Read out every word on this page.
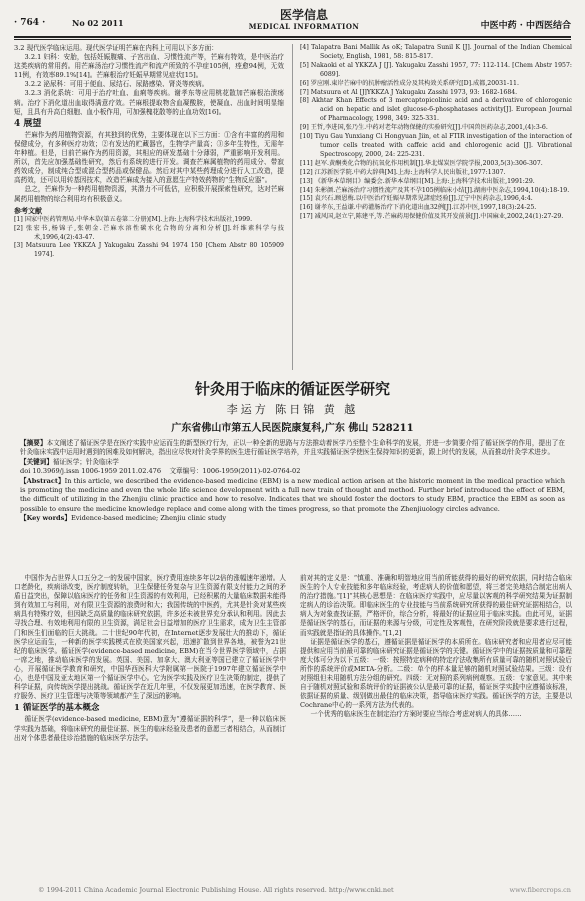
· 764 ·	No 02 2011
医学信息
MEDICAL INFORMATION	中医中药 · 中西医结合

3.2 现代医学临床运用。现代医学证明芒麻在内科上可用以下多方面：

3.2.1 妇科：安胎，包括妊娠腹痛、子宫出血、习惯性流产等，芒麻有特效，是中医治疗这类疾病的常用药。用芒麻汤治疗习惯性流产和流产所致的不孕症105例，痊愈94例，无效11例，有效率89.1%[14]。芒麻根治疗妊娠早期常见症状[15]。

3.2.2 泌尿科：可用于便血、尿结石、尿路感染、肾炎等疾病。

3.2.3 消化系统：可用于治疗吐血、血痢等疾病。谢孝东等应用桃花散加芒麻根治溃疡病。治疗下消化道出血取得满意疗效。芒麻根提取物含血凝酸胺，使凝血、出血时间明显缩短，且具有升高白细胞、血小板作用，可加强槐花散等的止血功效[16]。

4 展望

芒麻作为药用植物资源，有其独到的优势，主要体现在以下三方面：①含有丰富的药用和保健成分，有多种医疗功效；②有发达的贮藏器官，生物学产量高；③多年生特性，无需年年种植。但是，目前芒麻作为药用资源，其相应的研发基础十分薄弱，严重影响开发利用。所以，首先应加强基础性研究，然后有系统的进行开发。调查芒麻属植物的药用成分、带寂药效成分，制成纯合型或混合型药品或保健品。然后对其中某些药理成分进行人工改造，提高药效，还可以用转基因技术，改造芒麻成为接入的意愿生产特效药物的“生物反应器”。

总之，芒麻作为一种药用植物资源，其潜力不可低估，应积极开展探索性研究，达对芒麻属药用植物的综合利用均有积极意义。

参考文献

[1] 国家中医药管理局.中华本草(第五卷第二分册)[M].上海:上海科学技术出版社,1999.

[2] 张宏书,杨锦子,张朝金.芒麻水溶性碳水化合物的分离和分析[J].纤维素科学与技术,1996,4(2):43-47.

[3] Matsuura Lee YKKZA J Yakugaku Zasshi 94 1974 150 [Chem Abstr 80 105909 1974].

[4] Talapatra Bani Mallik As oK; Talapatra Sunil K [J]. Journal of the Indian Chemical Society, English, 1981, 58: 815-817.

[5] Nakaoki et al YKKZA J [J]. Yakugaku Zasshi 1957, 77: 112-114. [Chem Abstr 1957: 6089].

[6] 罗应刚.東岸芒麻中的抗肿瘤活性成分及其构效关系研究[D].成都,20031-11.

[7] Matsuura et Al [J]YKKZA J Yakugaku Zasshi 1973, 93: 1682-1684.

[8] Akhtar Khan Effects of 3 mercaptopicolinic acid and a derivative of chlorogenic acid on hepatic and islet glucose-6-phosphatases activity[J]. European Journal of Pharmacology, 1998, 349: 325-331.

[9] 王哲,李进国,张乃生.中药对老年动物保健的实验研究[J].中国兽医药杂志,2001,(4):3-6.

[10] Tiyu Gau Yunxiang Ci Hongyuan Jiin, et al FTIR investigation of the interaction of tumor cells treated with caffeic acid and chlorogenic acid [J]. Vibrational Spectroscopy, 2000, 24: 225-231.

[11] 赵军.黄酮类化合物的抗氧化作用机制[J].华北煤炭医学院学报,2003,5(3):306-307.

[12] 江苏新医学院.中药大辞典[M].上海:上海科学人民出版社,1977:1307.

[13] 《新华本草纲目》编委会.新华本草纲目[M].上海:上海科学技术出版社,1991:29.

[14] 朱彬颜.芒麻汤治疗习惯性流产及其不孕105例临床小结[J].湖南中医杂志,1994,10(4):18-19.

[15] 袁兴石.顾恩梅.以中医治疗妊娠早期常见諸症经验[J].辽宁中医药杂志,1996,4:4.

[16] 谢孝东,王益谦.中药灌肠治疗下消化道出血32例[J].江苏中医,1997,18(3):24-25.

[17] 减风国,赵立宁,陈建平,等.芒麻药用保健价值及其开发前景[J].中国麻业,2002,24(1):27-29.

针灸用于临床的循证医学研究
李运方 陈日锦 黄 越
广东省佛山市第五人民医院康复科,广东 佛山 528211

【摘要】本文阐述了循证医学是在医疗实践中应运而生的新型医疗行为，正以一种全新的思路与方法推动着医学乃至整个生命科学的发展，并进一步简要介绍了循证医学的作用，提出了在针灸临床实践中运用时遇到的困难及如何解决，指出应尽快对针灸学界的医生进行循证医学培养，并且实践循证医学使医生保持知识的更新，跟上时代的发展，从而推动针灸学术进步。

【关键词】循证医学；针灸临床学

doi 10.3969/j.issn 1006-1959 2011.02.476 文章编号：1006-1959(2011)-02-0764-02

【Abstract】In this article, we described the evidence-based medicine (EBM) is a new medical action arisen at the historic moment in the medical practice which is promoting the medicine and even the whole life science development with a full new train of thought and method. Further brief introduced the effect of EBM, the difficult of utilizing in the Zhenjiu clinic practice and how to resolve. Indicates that we should foster the doctors to study EBM, practice the EBM as soon as possible to ensure the medicine knowledge replace and come along with the times progress, so that promote the Zhenjiuology circles advance.

【Key words】Evidence-based medicine; Zhenjiu clinic study

中国作为占世界人口五分之一的发展中国家，医疗费用连续多年以2倍的涨幅速年递增。人口老龄化，疾病谱改变，医疗制度转轨，卫生保健任务复杂与卫生资源有限支付能力之间的矛盾日益突出，保障以临床医疗的任务和卫生资源的有效利用，已经积累的大量临床数据未能得到有效加工与利用，对有限卫生资源的浪费时和大；我国传统的中医药，尤其是针灸对某些疾病具有特殊疗效，但因缺乏高质量的临床研究依据，许多还未被世界充分承认和利用。因此去寻找合理、有效地利用有限的卫生资源，满足社会日益增加的医疗卫生需求，成为卫生主管部门和医生们面临的巨大挑战。二十世纪90年代初，在Internet逐步发展壮大的推动下，循证医学应运而生，一种新的医学实践模式在欧美国家兴起，迅速扩散到世界各地，被誉为21世纪的临床医学。循证医学(evidence-based medicine, EBM)在当今世界医学领域中，占据一席之地，推动临床医学的发展。英国、美国、加拿大、澳大利亚等国已建立了循证医学中心，开展循证医学教育和研究，中国华西医科大学附属第一医院于1997年建立循证医学中心，也是中国及亚太地区第一个循证医学中心。它为医学实践及医疗卫生决策的制定，提供了科学证据，向传统医学提出挑战。循证医学在近几年里，不仅发展更加迅速，在医学教育、医疗服务、医疗卫生管理与决策等领域都产生了深远的影响。

1 循证医学的基本概念

循证医学(evidence-based medicine, EBM)意为“遵循证据的科学”，是一种以临床医学实践为基础，将临床研究的最佳证据、医生的临床经验及患者的意愿三者相结合，从而制订出对个体患者最佳诊治措施的临床医学方法学。

前对其的定义是：“慎重、准确和明智地应用当前所能获得的最好的研究依据，同时结合临床医生的个人专业技能和多年临床经验，考虑病人的价值和愿望，将三者完美地结合制定出病人的治疗措施。”[1]“其核心思想是：在临床医疗实践中，应尽量以客观的科学研究结果为证据制定病人的诊治决策。即临床医生的专业技能与当前系统研究所获得的最佳研究证据相结合，以病人为对象查找证据，严格评价，综合分析，将最好的证据应用于临床实践。由此可见，证据是循证医学的基石，而证据的来源与分级，可定性及客观性，在研究阶段就是要求进行过程，而实践就是指证的具体操作。”[1,2]

证据是循证医学的基石，遵循证据是循证医学的本质所在。临床研究者和应用者应尽可能提供和应用当前最可靠的临床研究证据是循证医学的关键。循证医学中的证据按质量和可靠程度大体可分为以下五级：一级：按照特定病种的特定疗法收集所有质量可靠的随机对照试验后所作的系统评价或META-分析。二级：单个的样本量足够的随机对照试验结果。三级：设有对照组但未用随机方法分组的研究。四级：无对照的系列病例观察。五级：专家意见。其中来自于随机对照试验和系统评价的证据被公认是最可靠的证据，循证医学实践中应遵循该标准，依据证据的质量、级别做出最佳的临床决策，指导临床医疗实践。循证医学的方法，主要是以Cochrane中心的一系列方法为代表的。

一个优秀的临床医生在制定治疗方案时要应当综合考虑对病人的具体……

© 1994-2011 China Academic Journal Electronic Publishing House. All rights reserved. http://www.cnki.net	www.fibercrops.cn
